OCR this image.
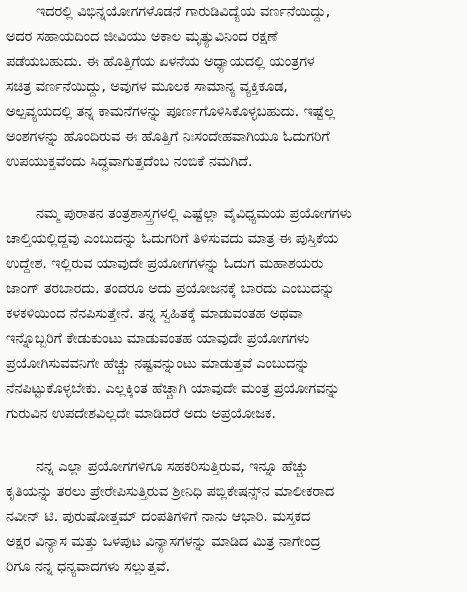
ಇದರಲ್ಲಿ ವಿಭಿನ್ನಯೋಗಗಳೊಡನೆ ಗಾರುಡಿವಿದ್ಯೆಯ ವರ್ಣನೆಯಿದ್ದು,
ಅದರ ಸಹಾಯದಿಂದ ಜೀವಿಯು ಅಕಾಲ ಮೃತ್ಯುವಿನಿಂದ ರಕ್ಷಣೆ
ಪಡೆಯಬಹುದು. ಈ ಹೊತ್ತಿಗೆಯ ಏಳನೆಯ ಅಧ್ಯಾಯದಲ್ಲಿ ಯಂತ್ರಗಳ
ಸಚಿತ್ರ ವರ್ಣನೆಯಿದ್ದು, ಅವುಗಳ ಮೂಲಕ ಸಾಮಾನ್ಯ ವ್ಯಕ್ತಿಕೂಡ,
ಅಲ್ಪವ್ಯಯದಲ್ಲಿ ತನ್ನ ಕಾಮನೆಗಳನ್ನು ಪೂರ್ಣಗೊಳಿಸಿಕೊಳ್ಳಬಹುದು. ಇಷ್ಟೆಲ್ಲ
ಅಂಶಗಳನ್ನು ಹೊಂದಿರುವ ಈ ಹೊತ್ತಿಗೆ ನಿಃಸಂದೇಹವಾಗಿಯೂ ಓದುಗರಿಗೆ
ಉಪಯುಕ್ತವೆಂದು ಸಿದ್ಧವಾಗುತ್ತದೆಂಬ ನಂಬಿಕೆ ನಮಗಿದೆ.
ನಮ್ಮ ಪುರಾತನ ತಂತ್ರಶಾಸ್ತ್ರಗಳಲ್ಲಿ ಎಷ್ಟೆಲ್ಲಾ ವೈವಿಧ್ಯಮಯ ಪ್ರಯೋಗಗಳು
ಚಾಲ್ತಿಯಲ್ಲಿದ್ದವು ಎಂಬುದನ್ನು ಓದುಗರಿಗೆ ತಿಳಿಸುವದು ಮಾತ್ರ ಈ ಪುಸ್ತಿಕೆಯ
ಉದ್ದೇಶ. ಇಲ್ಲಿರುವ ಯಾವುದೇ ಪ್ರಯೋಗಗಳನ್ನು ಓದುಗ ಮಹಾಶಯರು
ಜಾಂಗ್ ತರಬಾರದು. ತಂದರೂ ಅದು ಪ್ರಯೋಜನಕ್ಕೆ ಬಾರದು ಎಂಬುದನ್ನು
ಕಳಕಳಿಯಿಂದ ನೆನಪಿಸುತ್ತೇನೆ. ತನ್ನ ಸ್ವಹಿತಕ್ಕೆ ಮಾಡುವಂತಹ ಅಥವಾ
ಇನ್ನೊಬ್ಬರಿಗೆ ಕೇಡುಕುಂಟು ಮಾಡುವಂತಹ ಯಾವುದೇ ಪ್ರಯೋಗಗಳು
ಪ್ರಯೋಗಿಸುವವನಿಗೇ ಹೆಚ್ಚು ನಷ್ಟವನ್ನುಂಟು ಮಾಡುತ್ತವೆ ಎಂಬುದನ್ನು
ನೆನಪಿಟ್ಟುಕೊಳ್ಳಬೇಕು. ಎಲ್ಲಕ್ಕಿಂತ ಹೆಚ್ಚಾಗಿ ಯಾವುದೇ ಮಂತ್ರ ಪ್ರಯೋಗವನ್ನು
ಗುರುವಿನ ಉಪದೇಶವಿಲ್ಲದೇ ಮಾಡಿದರೆ ಅದು ಅಪ್ರಯೋಜಕ.
ನನ್ನ ಎಲ್ಲಾ ಪ್ರಯೋಗಗಳಿಗೂ ಸಹಕರಿಸುತ್ತಿರುವ, ಇನ್ನೂ ಹೆಚ್ಚು
ಕೃತಿಯನ್ನು ತರಲು ಪ್ರೇರೇಪಿಸುತ್ತಿರುವ ಶ್ರೀನಿಧಿ ಪಬ್ಲಿಕೇಷನ್ಸ್‌ನ ಮಾಲೀಕರಾದ
ನವೀನ್ ಟಿ. ಪುರುಷೋತ್ತಮ್ ದಂಪತಿಗಳಿಗೆ ನಾನು ಆಭಾರಿ. ಮಸ್ತಕದ
ಅಕ್ಷರ ವಿನ್ಯಾಸ ಮತ್ತು ಒಳಪುಟ ವಿನ್ಯಾಸಗಳನ್ನು ಮಾಡಿದ ಮಿತ್ರ ನಾಗೇಂದ್ರ
ರಿಗೂ ನನ್ನ ಧನ್ಯವಾದಗಳು ಸಲ್ಲುತ್ತವೆ.
